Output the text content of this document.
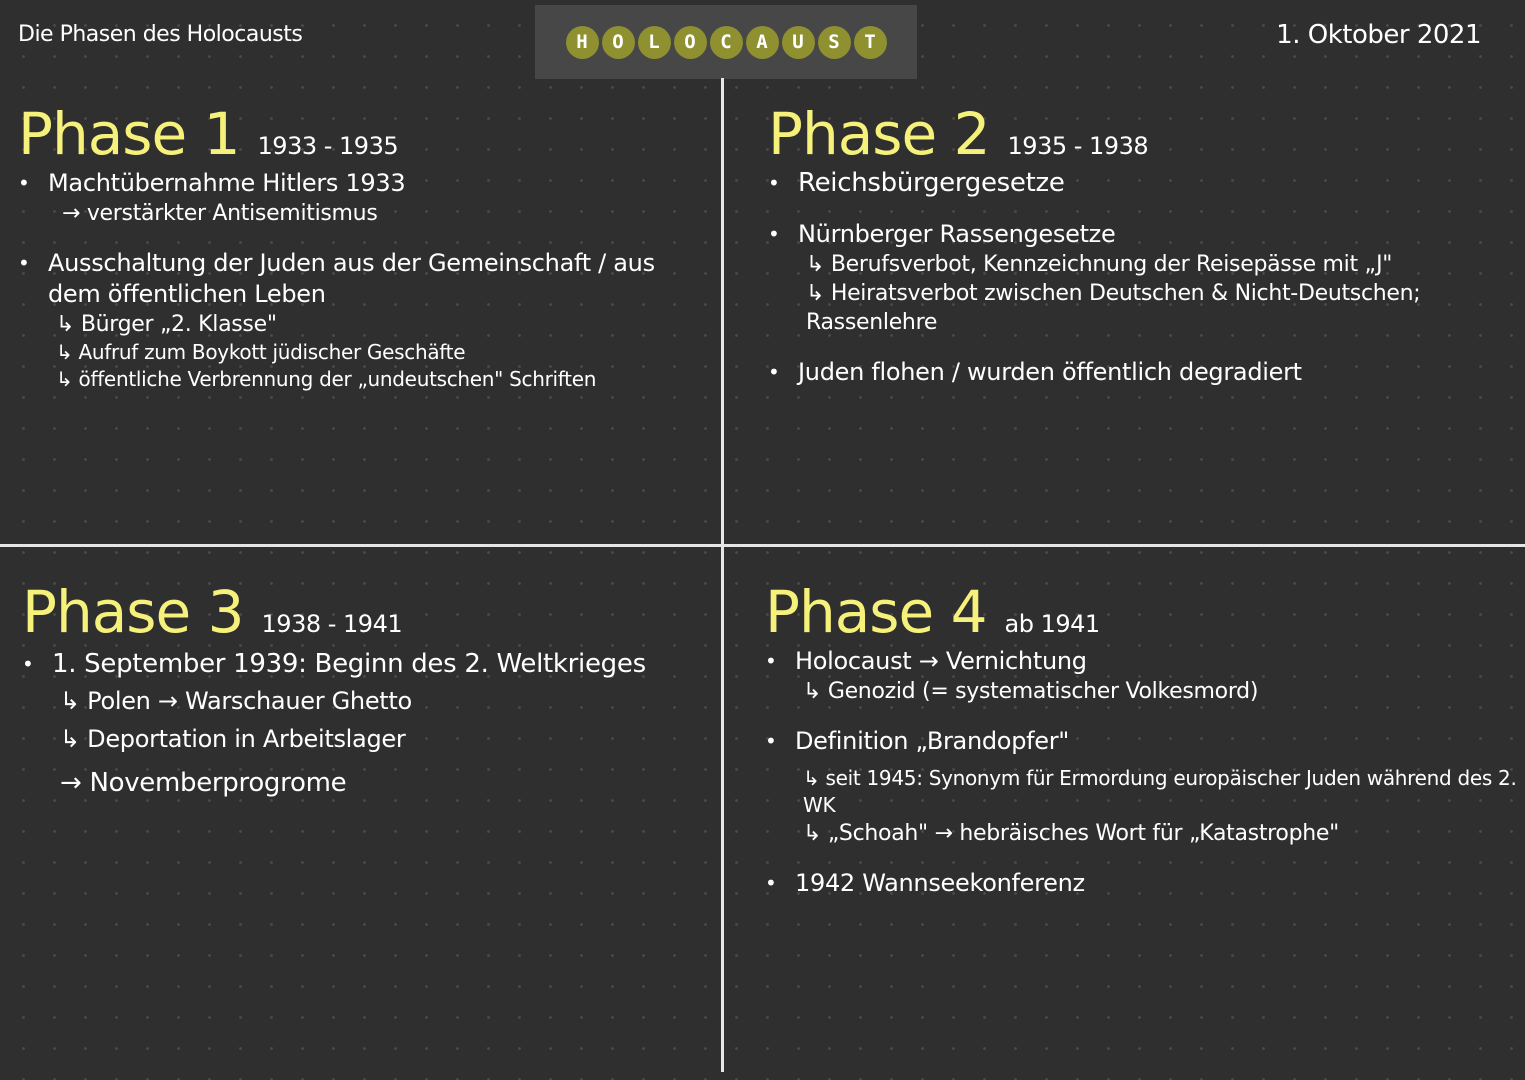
Die Phasen des Holocausts	H	O	L	O	C	A	U	S	T	1. Oktober 2021
Phase 1 1933 - 1935
• Machtübernahme Hitlers 1933
→ verstärkter Antisemitismus
• Ausschaltung der Juden aus der Gemeinschaft / aus dem öffentlichen Leben
↳ Bürger „2. Klasse"
↳ Aufruf zum Boykott jüdischer Geschäfte
↳ öffentliche Verbrennung der „undeutschen" Schriften
Phase 2 1935 - 1938
• Reichsbürgergesetze
• Nürnberger Rassengesetze
↳ Berufsverbot, Kennzeichnung der Reisepässe mit „J"
↳ Heiratsverbot zwischen Deutschen & Nicht-Deutschen; Rassenlehre
• Juden flohen / wurden öffentlich degradiert
Phase 3 1938 - 1941
• 1. September 1939: Beginn des 2. Weltkrieges
↳ Polen → Warschauer Ghetto
↳ Deportation in Arbeitslager
→ Novemberprogrome
Phase 4 ab 1941
• Holocaust → Vernichtung
↳ Genozid (= systematischer Volkesmord)
• Definition „Brandopfer"
↳ seit 1945: Synonym für Ermordung europäischer Juden während des 2. WK
↳ „Schoah" → hebräisches Wort für „Katastrophe"
• 1942 Wannseekonferenz
